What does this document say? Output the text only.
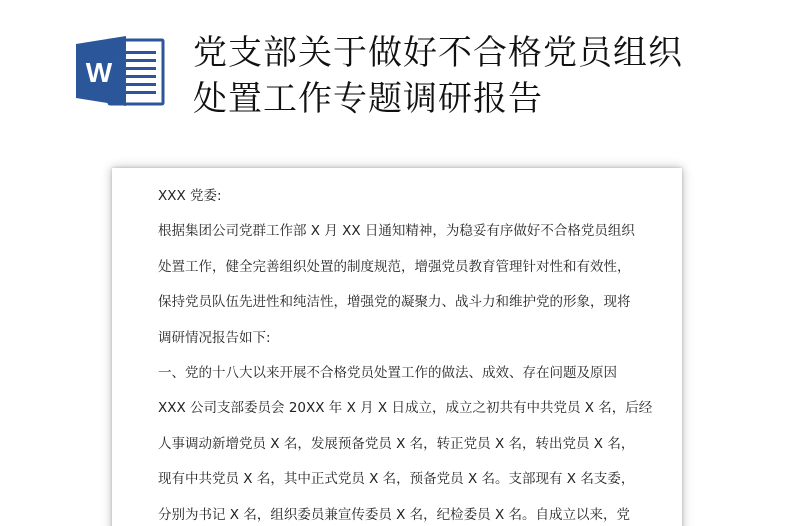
W 党支部关于做好不合格党员组织
处置工作专题调研报告
XXX 党委:
根据集团公司党群工作部 X 月 XX 日通知精神，为稳妥有序做好不合格党员组织
处置工作，健全完善组织处置的制度规范，增强党员教育管理针对性和有效性，
保持党员队伍先进性和纯洁性，增强党的凝聚力、战斗力和维护党的形象，现将
调研情况报告如下:
一、党的十八大以来开展不合格党员处置工作的做法、成效、存在问题及原因
XXX 公司支部委员会 20XX 年 X 月 X 日成立，成立之初共有中共党员 X 名，后经
人事调动新增党员 X 名，发展预备党员 X 名，转正党员 X 名，转出党员 X 名，
现有中共党员 X 名，其中正式党员 X 名，预备党员 X 名。支部现有 X 名支委，
分别为书记 X 名，组织委员兼宣传委员 X 名，纪检委员 X 名。自成立以来，党
